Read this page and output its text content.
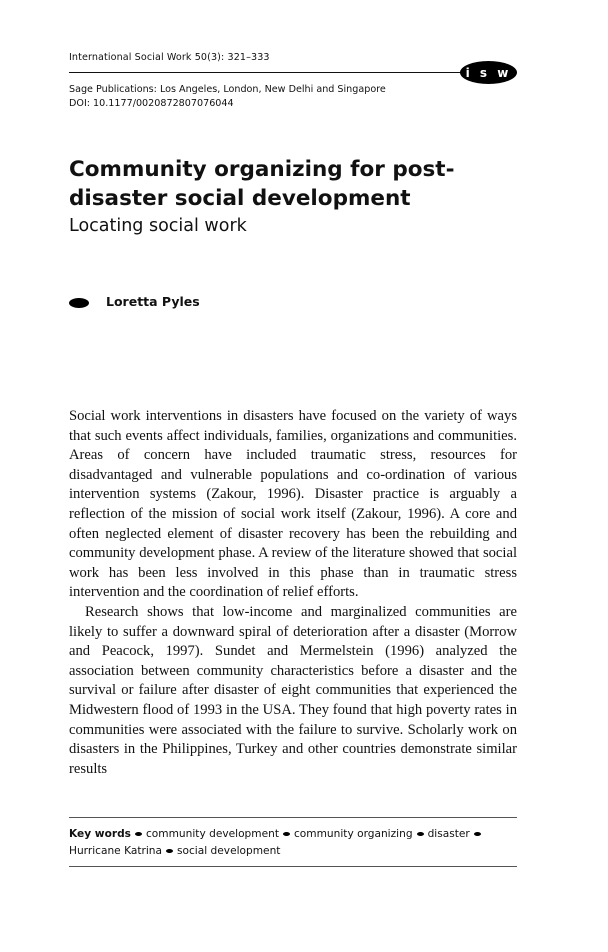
International Social Work 50(3): 321–333
i s w
Sage Publications: Los Angeles, London, New Delhi and Singapore
DOI: 10.1177/0020872807076044
Community organizing for post-disaster social development
Locating social work
Loretta Pyles

Social work interventions in disasters have focused on the variety of ways that such events affect individuals, families, organizations and communities. Areas of concern have included traumatic stress, resources for disadvantaged and vulnerable populations and co-ordination of various intervention systems (Zakour, 1996). Disaster practice is arguably a reflection of the mission of social work itself (Zakour, 1996). A core and often neglected element of disaster recovery has been the rebuilding and community development phase. A review of the literature showed that social work has been less involved in this phase than in traumatic stress intervention and the coordination of relief efforts.

Research shows that low-income and marginalized communities are likely to suffer a downward spiral of deterioration after a disaster (Morrow and Peacock, 1997). Sundet and Mermelstein (1996) analyzed the association between community characteristics before a disaster and the survival or failure after disaster of eight communities that experienced the Midwestern flood of 1993 in the USA. They found that high poverty rates in communities were associated with the failure to survive. Scholarly work on disasters in the Philippines, Turkey and other countries demonstrate similar results

Key words community development community organizing disaster
Hurricane Katrina social development
